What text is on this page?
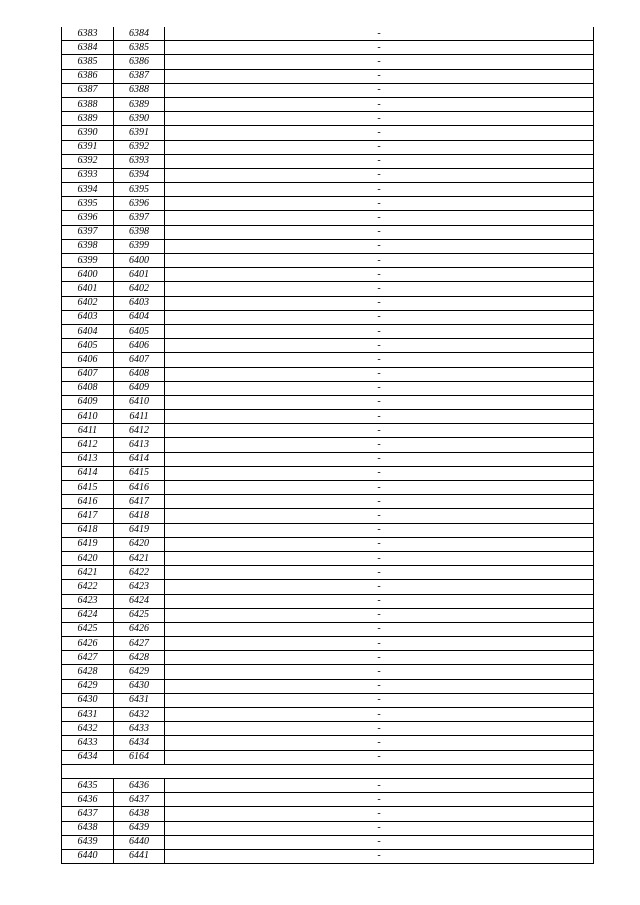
6383	6384	-
6384	6385	-
6385	6386	-
6386	6387	-
6387	6388	-
6388	6389	-
6389	6390	-
6390	6391	-
6391	6392	-
6392	6393	-
6393	6394	-
6394	6395	-
6395	6396	-
6396	6397	-
6397	6398	-
6398	6399	-
6399	6400	-
6400	6401	-
6401	6402	-
6402	6403	-
6403	6404	-
6404	6405	-
6405	6406	-
6406	6407	-
6407	6408	-
6408	6409	-
6409	6410	-
6410	6411	-
6411	6412	-
6412	6413	-
6413	6414	-
6414	6415	-
6415	6416	-
6416	6417	-
6417	6418	-
6418	6419	-
6419	6420	-
6420	6421	-
6421	6422	-
6422	6423	-
6423	6424	-
6424	6425	-
6425	6426	-
6426	6427	-
6427	6428	-
6428	6429	-
6429	6430	-
6430	6431	-
6431	6432	-
6432	6433	-
6433	6434	-
6434	6164	-

6435	6436	-
6436	6437	-
6437	6438	-
6438	6439	-
6439	6440	-
6440	6441	-
